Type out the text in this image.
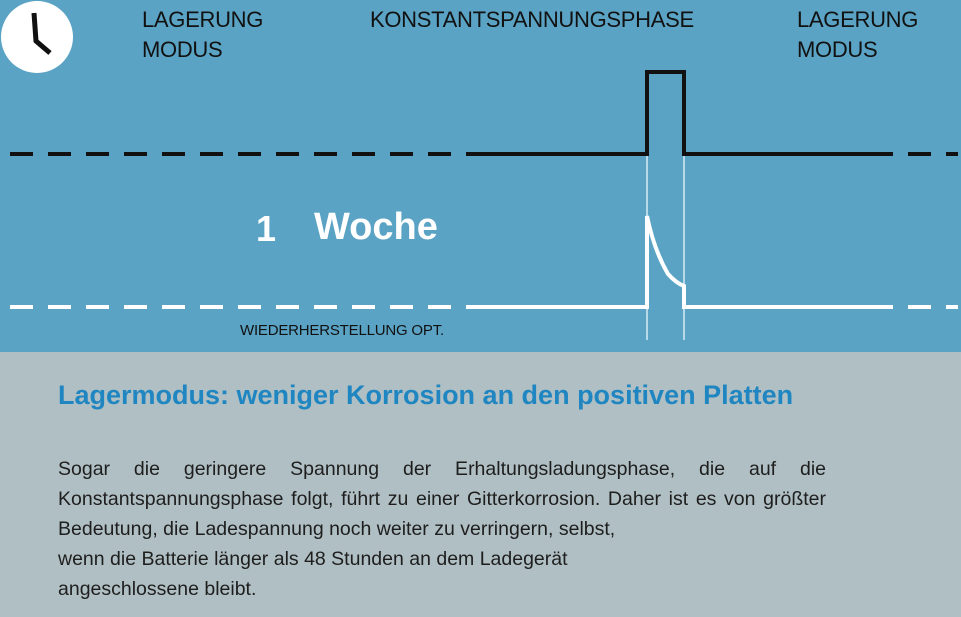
LAGERUNG
MODUS
KONSTANTSPANNUNGSPHASE	LAGERUNG
MODUS
1 Woche
WIEDERHERSTELLUNG OPT.
Lagermodus: weniger Korrosion an den positiven Platten
Sogar die geringere Spannung der Erhaltungsladungsphase, die auf die Konstantspannungsphase folgt, führt zu einer Gitterkorrosion. Daher ist es von größter Bedeutung, die Ladespannung noch weiter zu verringern, selbst,
wenn die Batterie länger als 48 Stunden an dem Ladegerät
angeschlossene bleibt.
